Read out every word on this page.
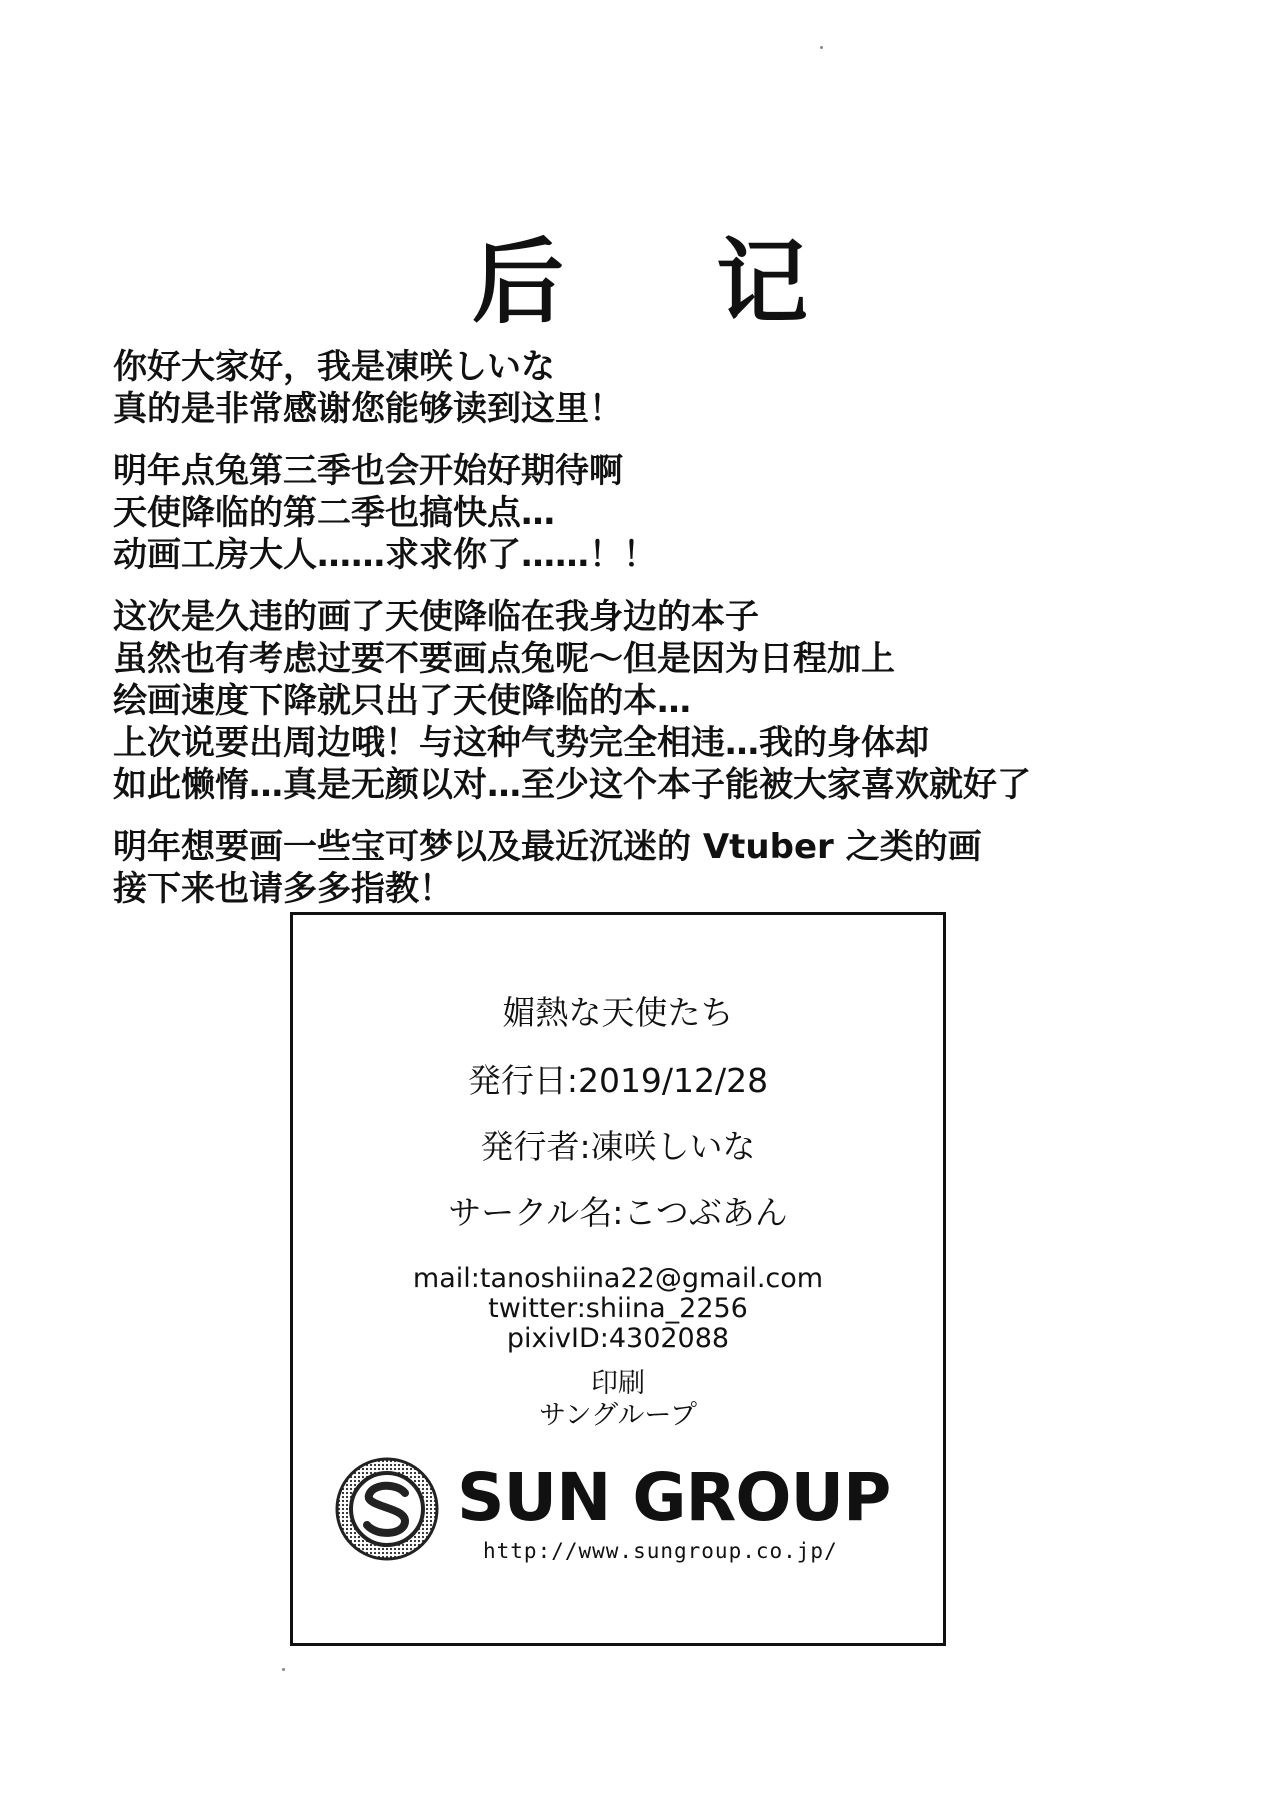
后 记
你好大家好，我是凍咲しいな
真的是非常感谢您能够读到这里！
明年点兔第三季也会开始好期待啊
天使降临的第二季也搞快点…
动画工房大人……求求你了……！！
这次是久违的画了天使降临在我身边的本子
虽然也有考虑过要不要画点兔呢～但是因为日程加上
绘画速度下降就只出了天使降临的本…
上次说要出周边哦！与这种气势完全相违…我的身体却
如此懒惰…真是无颜以对…至少这个本子能被大家喜欢就好了
明年想要画一些宝可梦以及最近沉迷的 Vtuber 之类的画
接下来也请多多指教！
媚熱な天使たち
発行日:2019/12/28
発行者:凍咲しいな
サークル名:こつぶあん
mail:tanoshiina22@gmail.com
twitter:shiina_2256
pixivID:4302088
印刷
サングループ
SUN GROUP
http://www.sungroup.co.jp/
